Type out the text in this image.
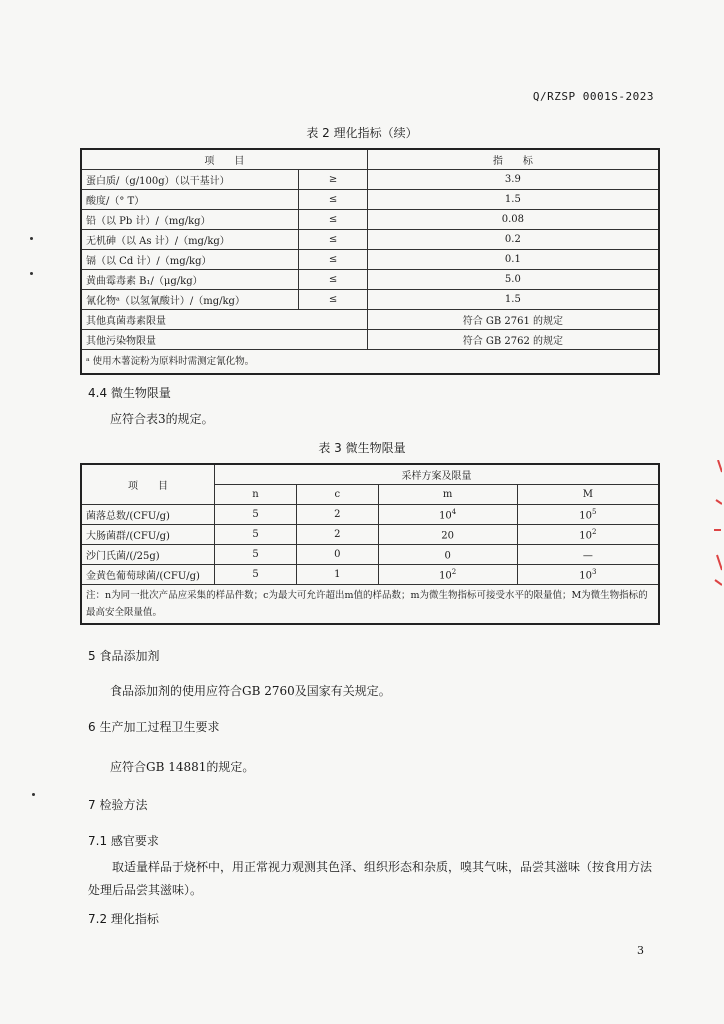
Q/RZSP 0001S-2023
表 2 理化指标（续）
项　　目		指　　标
蛋白质/（g/100g）（以干基计）	≥	3.9
酸度/（° T）	≤	1.5
铅（以 Pb 计）/（mg/kg）	≤	0.08
无机砷（以 As 计）/（mg/kg）	≤	0.2
镉（以 Cd 计）/（mg/kg）	≤	0.1
黄曲霉毒素 B₁/（μg/kg）	≤	5.0
氰化物ᵃ（以氢氰酸计）/（mg/kg）	≤	1.5
其他真菌毒素限量		符合 GB 2761 的规定
其他污染物限量		符合 GB 2762 的规定
ᵃ 使用木薯淀粉为原料时需测定氰化物。		
4.4 微生物限量
应符合表3的规定。
表 3 微生物限量
项　　目	采样方案及限量			
	n	c	m	M
菌落总数/(CFU/g)	5	2	$10^4$	$10^5$
大肠菌群/(CFU/g)	5	2	20	$10^2$
沙门氏菌/(/25g)	5	0	0	—
金黄色葡萄球菌/(CFU/g)	5	1	$10^2$	$10^3$
注：n为同一批次产品应采集的样品件数；c为最大可允许超出m值的样品数；m为微生物指标可接受水平的限量值；M为微生物指标的最高安全限量值。				
5 食品添加剂
食品添加剂的使用应符合GB 2760及国家有关规定。
6 生产加工过程卫生要求
应符合GB 14881的规定。
7 检验方法
7.1 感官要求
取适量样品于烧杯中，用正常视力观测其色泽、组织形态和杂质，嗅其气味，品尝其滋味（按食用方法处理后品尝其滋味）。
7.2 理化指标
3
